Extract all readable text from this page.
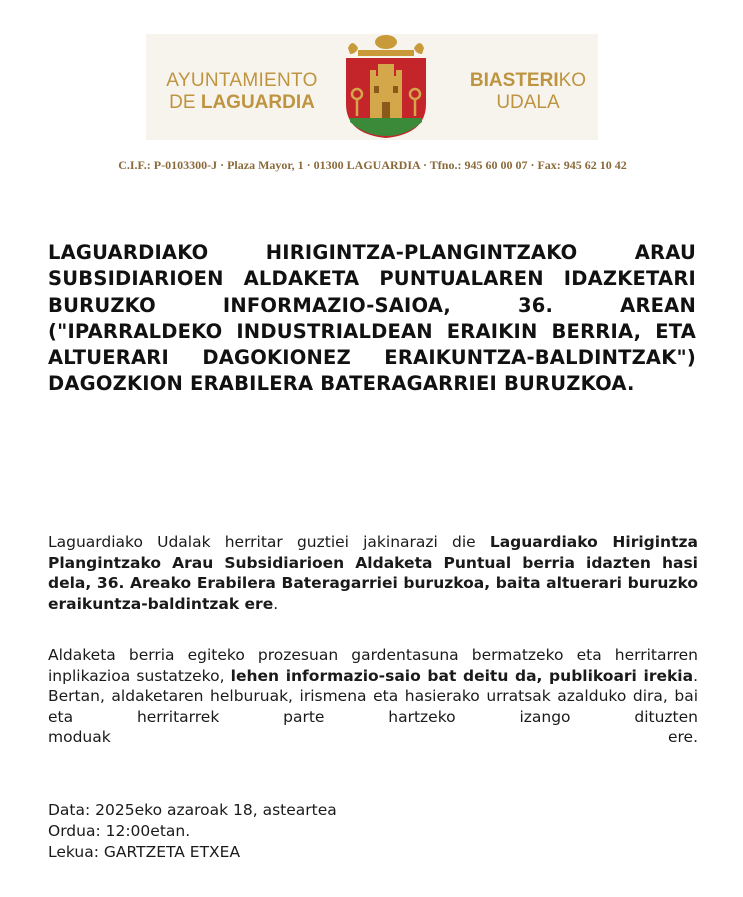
AYUNTAMIENTO
DE LAGUARDIA
BIASTERIKO
UDALA
C.I.F.: P-0103300-J · Plaza Mayor, 1 · 01300 LAGUARDIA · Tfno.: 945 60 00 07 · Fax: 945 62 10 42
LAGUARDIAKO HIRIGINTZA-PLANGINTZAKO ARAU SUBSIDIARIOEN ALDAKETA PUNTUALAREN IDAZKETARI BURUZKO INFORMAZIO-SAIOA, 36. AREAN ("IPARRALDEKO INDUSTRIALDEAN ERAIKIN BERRIA, ETA ALTUERARI DAGOKIONEZ ERAIKUNTZA-BALDINTZAK") DAGOZKION ERABILERA BATERAGARRIEI BURUZKOA.

Laguardiako Udalak herritar guztiei jakinarazi die Laguardiako Hirigintza Plangintzako Arau Subsidiarioen Aldaketa Puntual berria idazten hasi dela, 36. Areako Erabilera Bateragarriei buruzkoa, baita altuerari buruzko eraikuntza-baldintzak ere.

Aldaketa berria egiteko prozesuan gardentasuna bermatzeko eta herritarren inplikazioa sustatzeko, lehen informazio-saio bat deitu da, publikoari irekia. Bertan, aldaketaren helburuak, irismena eta hasierako urratsak azalduko dira, bai eta herritarrek parte hartzeko izango dituzten
moduak	ere.
Data: 2025eko azaroak 18, asteartea
Ordua: 12:00etan.
Lekua: GARTZETA ETXEA
